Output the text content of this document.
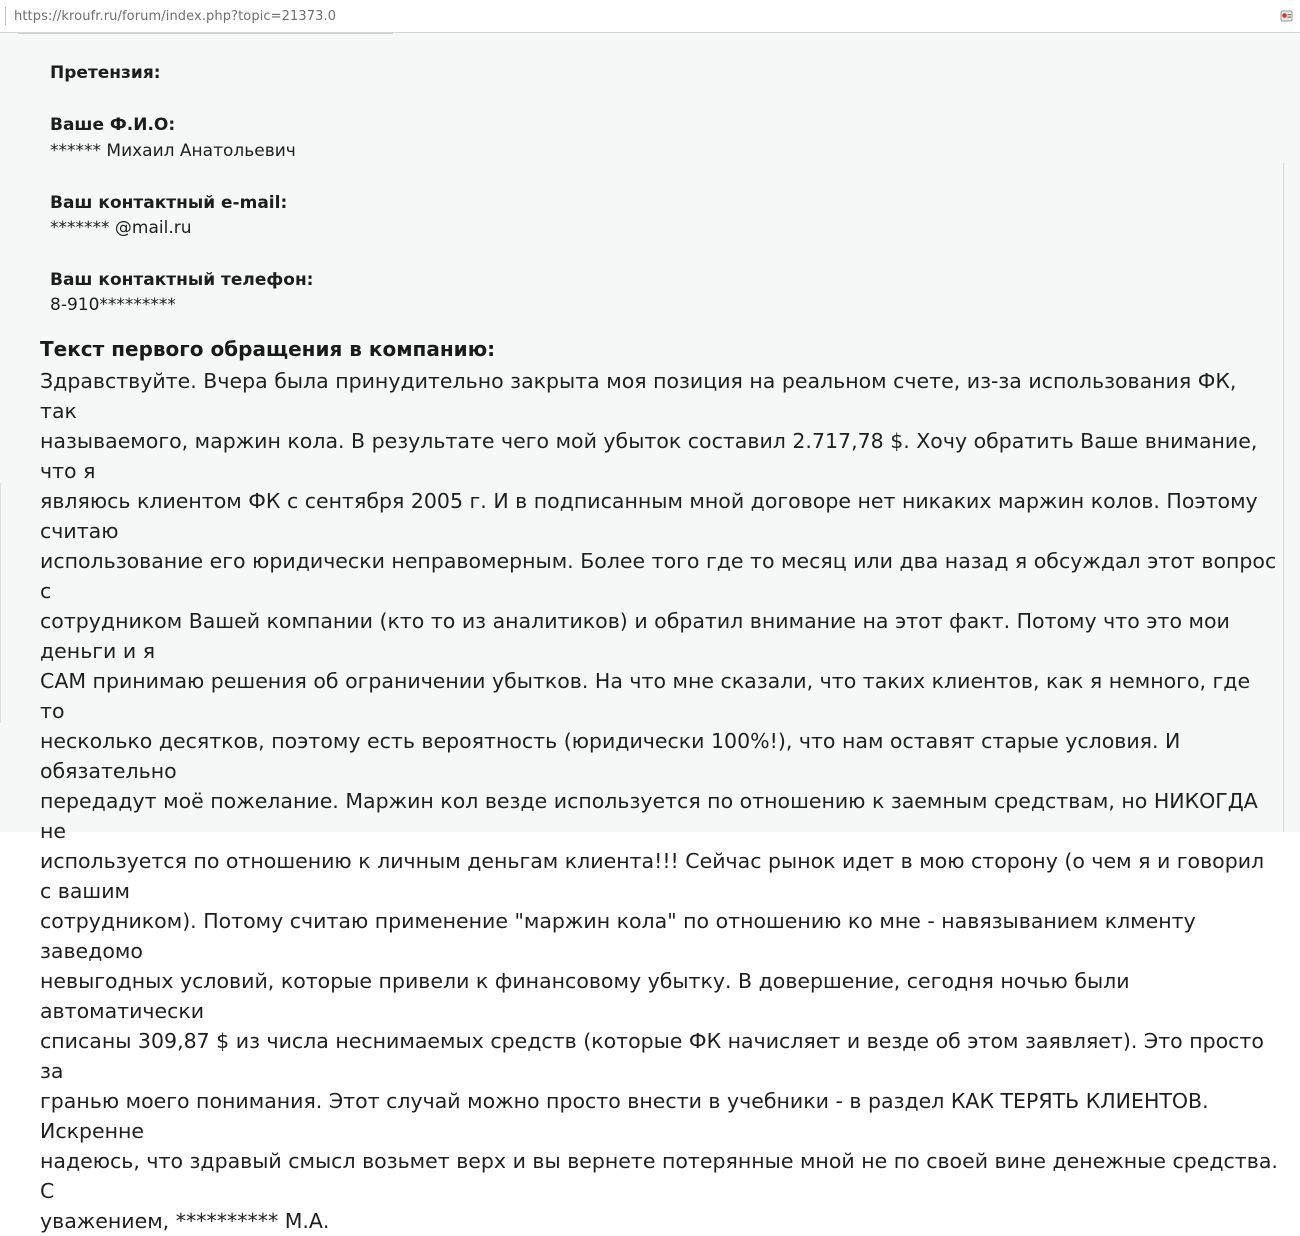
https://kroufr.ru/forum/index.php?topic=21373.0
Претензия:
Ваше Ф.И.О:
****** Михаил Анатольевич
Ваш контактный e-mail:
******* @mail.ru
Ваш контактный телефон:
8-910*********
Текст первого обращения в компанию:
Здравствуйте. Вчера была принудительно закрыта моя позиция на реальном счете, из-за использования ФК, так
называемого, маржин кола. В результате чего мой убыток составил 2.717,78 $. Хочу обратить Ваше внимание, что я
являюсь клиентом ФК с сентября 2005 г. И в подписанным мной договоре нет никаких маржин колов. Поэтому считаю
использование его юридически неправомерным. Более того где то месяц или два назад я обсуждал этот вопрос с
сотрудником Вашей компании (кто то из аналитиков) и обратил внимание на этот факт. Потому что это мои деньги и я
САМ принимаю решения об ограничении убытков. На что мне сказали, что таких клиентов, как я немного, где то
несколько десятков, поэтому есть вероятность (юридически 100%!), что нам оставят старые условия. И обязательно
передадут моё пожелание. Маржин кол везде используется по отношению к заемным средствам, но НИКОГДА не
используется по отношению к личным деньгам клиента!!! Сейчас рынок идет в мою сторону (о чем я и говорил с вашим
сотрудником). Потому считаю применение "маржин кола" по отношению ко мне - навязыванием клменту заведомо
невыгодных условий, которые привели к финансовому убытку. В довершение, сегодня ночью были автоматически
списаны 309,87 $ из числа неснимаемых средств (которые ФК начисляет и везде об этом заявляет). Это просто за
гранью моего понимания. Этот случай можно просто внести в учебники - в раздел КАК ТЕРЯТЬ КЛИЕНТОВ. Искренне
надеюсь, что здравый смысл возьмет верх и вы вернете потерянные мной не по своей вине денежные средства. С
уважением, ********** М.А.
